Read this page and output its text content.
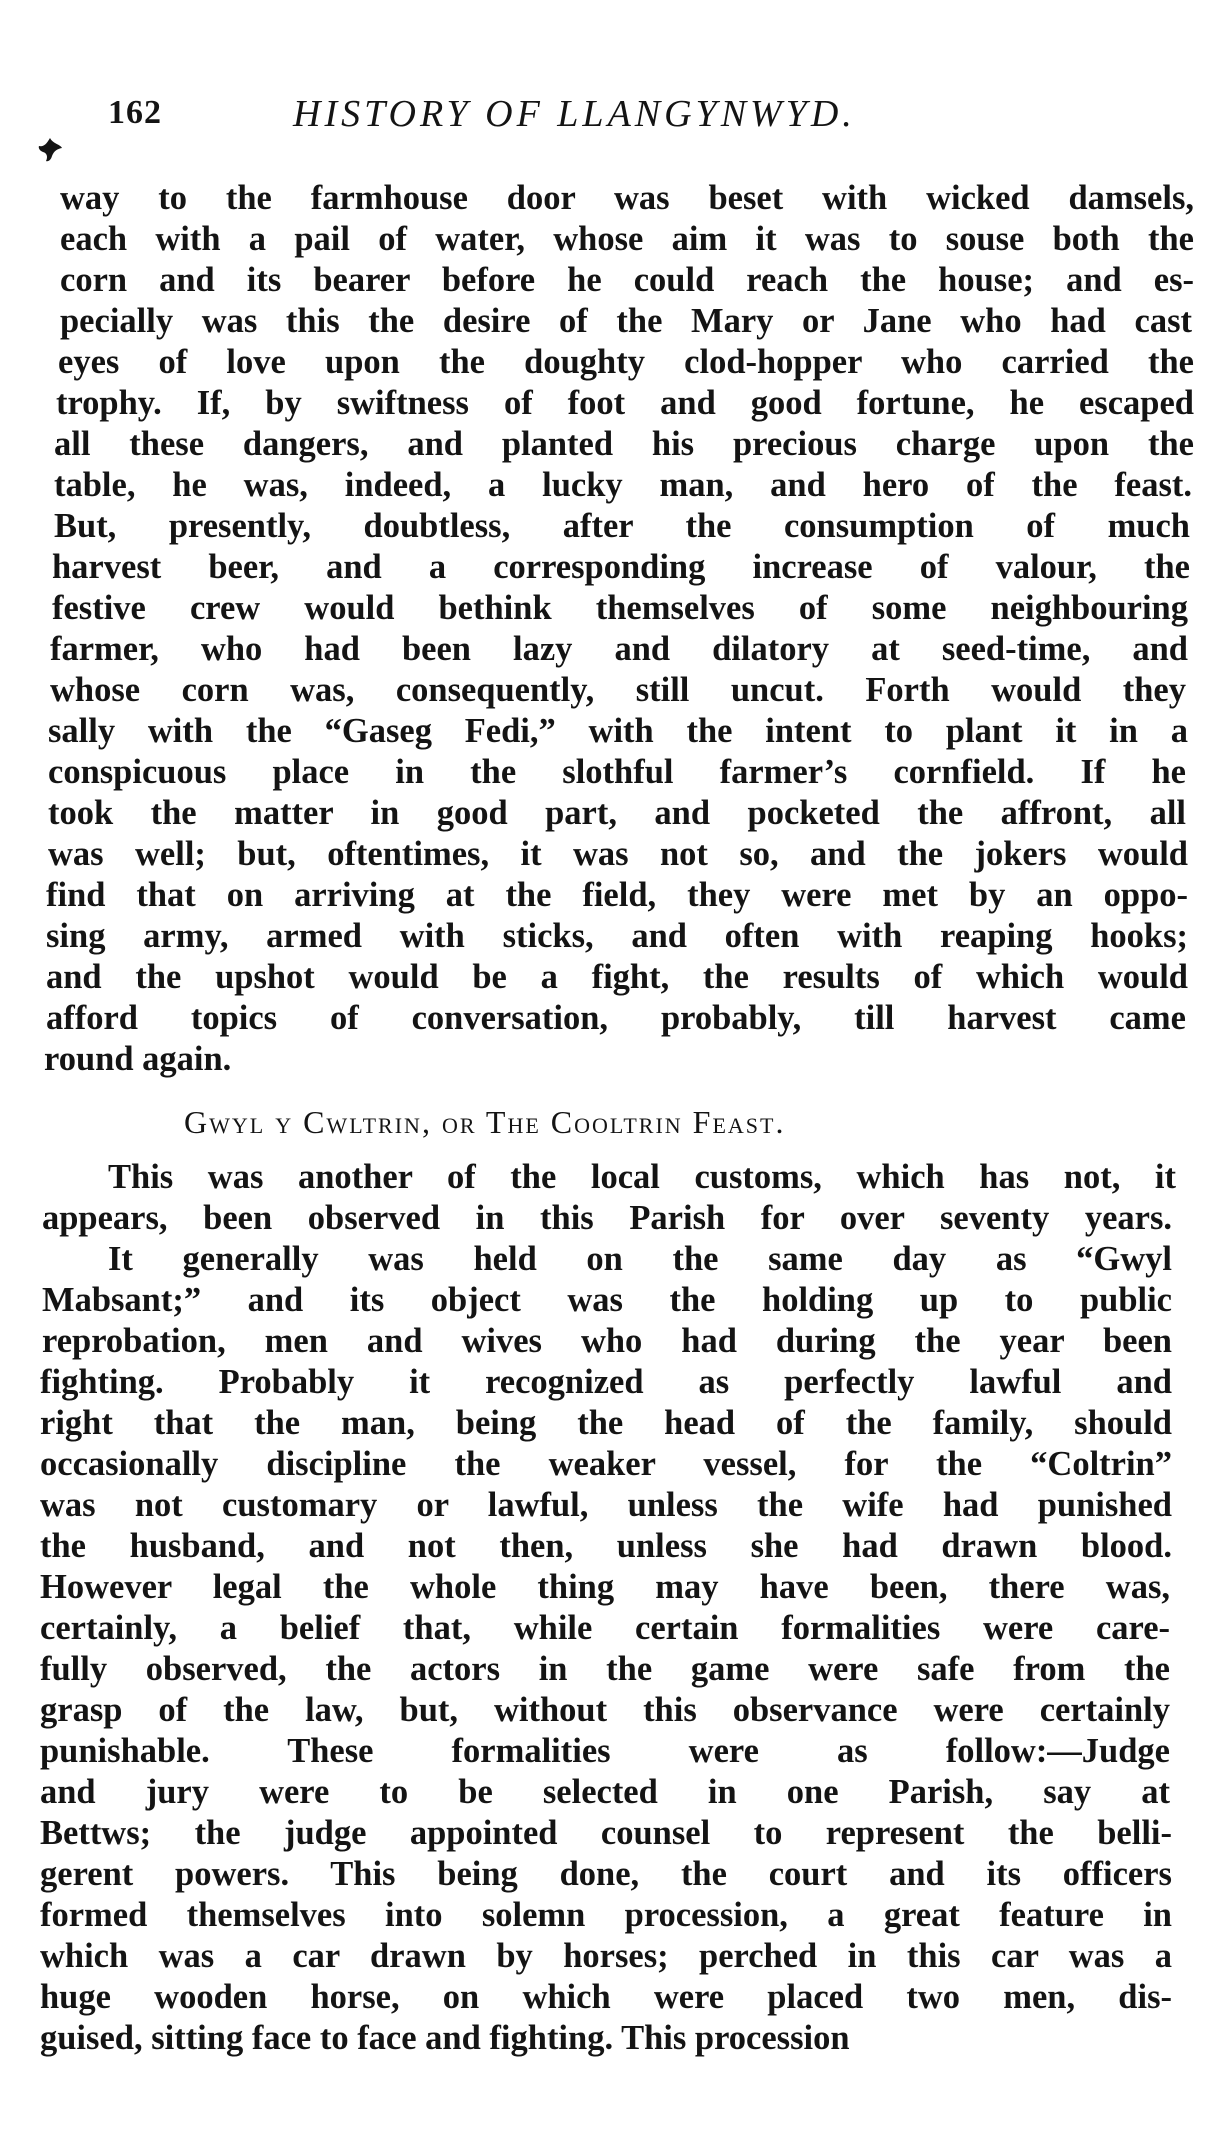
162	HISTORY OF LLANGYNWYD.
way to the farmhouse door was beset with wicked damsels,
each with a pail of water, whose aim it was to souse both the
corn and its bearer before he could reach the house; and es-
pecially was this the desire of the Mary or Jane who had cast
eyes of love upon the doughty clod-hopper who carried the
trophy. If, by swiftness of foot and good fortune, he escaped
all these dangers, and planted his precious charge upon the
table, he was, indeed, a lucky man, and hero of the feast.
But, presently, doubtless, after the consumption of much
harvest beer, and a corresponding increase of valour, the
festive crew would bethink themselves of some neighbouring
farmer, who had been lazy and dilatory at seed-time, and
whose corn was, consequently, still uncut. Forth would they
sally with the “Gaseg Fedi,” with the intent to plant it in a
conspicuous place in the slothful farmer’s cornfield. If he
took the matter in good part, and pocketed the affront, all
was well; but, oftentimes, it was not so, and the jokers would
find that on arriving at the field, they were met by an oppo-
sing army, armed with sticks, and often with reaping hooks;
and the upshot would be a fight, the results of which would
afford topics of conversation, probably, till harvest came
round again.
This was another of the local customs, which has not, it
appears, been observed in this Parish for over seventy years.
It generally was held on the same day as “Gwyl
Mabsant;” and its object was the holding up to public
reprobation, men and wives who had during the year been
fighting. Probably it recognized as perfectly lawful and
right that the man, being the head of the family, should
occasionally discipline the weaker vessel, for the “Coltrin”
was not customary or lawful, unless the wife had punished
the husband, and not then, unless she had drawn blood.
However legal the whole thing may have been, there was,
certainly, a belief that, while certain formalities were care-
fully observed, the actors in the game were safe from the
grasp of the law, but, without this observance were certainly
punishable. These formalities were as follow:—Judge
and jury were to be selected in one Parish, say at
Bettws; the judge appointed counsel to represent the belli-
gerent powers. This being done, the court and its officers
formed themselves into solemn procession, a great feature in
which was a car drawn by horses; perched in this car was a
huge wooden horse, on which were placed two men, dis-
guised, sitting face to face and fighting. This procession
Gwyl y Cwltrin, or The Cooltrin Feast.
